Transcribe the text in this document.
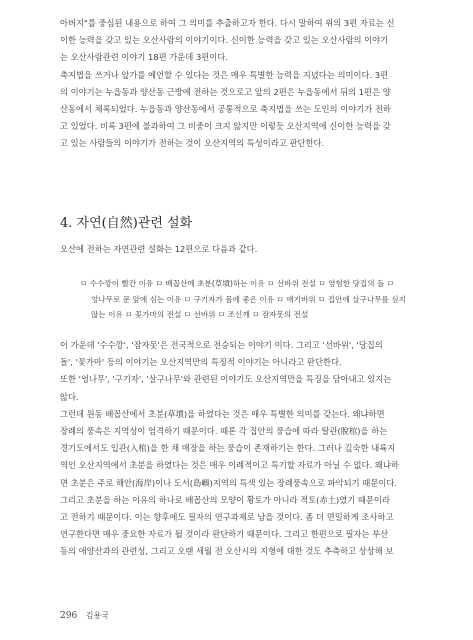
아버지"를 중심된 내용으로 하여 그 의미를 추출하고자 한다. 다시 말하여 위의 3편 자료는 신

이한 능력을 갖고 있는 오산사람의 이야기이다. 신이한 능력을 갖고 있는 오산사람의 이야기

는 오산사람관련 이야기 18편 가운데 3편이다.

축지법을 쓰거나 앞가를 예언할 수 있다는 것은 매우 특별한 능력을 지녔다는 의미이다. 3편

의 이야기는 누읍동과 양산동 근방에 전하는 것으로고 앞의 2편은 누읍동에서 뒤의 1편은 양

산동에서 채록되었다. 누읍동과 양산동에서 공통적으로 축지법을 쓰는 도인의 이야기가 전하

고 있었다. 비록 3편에 불과하여 그 비중이 크지 않지만 이렇듯 오산지역에 신이한 능력을 갖

고 있는 사람들의 이야기가 전하는 것이 오산지역의 특성이라고 판단한다.

4. 자연(自然)관련 설화

오산에 전하는 자연관련 설화는 12편으로 다음과 같다.

ㅁ 수수깡이 빨간 이유 ㅁ 배꼽산에 초분(草墳)하는 이유 ㅁ 선바위 전설 ㅁ 염험한 당집의 돌 ㅁ

엉나무로 문 앞에 심는 이유 ㅁ 구기자가 몸에 좋은 이유 ㅁ 애기바위 ㅁ 집안에 살구나무를 심지

않는 이유 ㅁ 꽃가마의 전설 ㅁ 선바위 ㅁ 조신깨 ㅁ 잠자못의 전설

이 가운데 '수수깡', '잠자못'은 전국적으로 전승되는 이야기 이다. 그리고 '선바위', '당집의

돌', '꽃가마' 등의 이야기는 오산지역만의 특징적 이야기는 아니라고 판단한다.

또한 '엉나무', '구기자', '살구나무'와 관련된 이야기도 오산지역만을 특징을 담아내고 있지는

않다.

그런데 원동 배꼽산에서 초분(草墳)을 하였다는 것은 매우 특별한 의미를 갖는다. 왜냐하면

장례의 풍속은 지역성이 엄격하기 때문이다. 때론 각 집안의 풍습에 따라 탈관(脫棺)을 하는

경기도에서도 입관(入棺)을 한 채 매장을 하는 풍습이 존재하기는 한다. 그러나 깊숙한 내륙지

역인 오산지역에서 초분을 하였다는 것은 매우 이례적이고 특기할 자료가 아닐 수 없다. 왜냐하

면 초분은 주로 해안(海岸)이나 도서(島嶼)지역의 특색 있는 장례풍속으로 파악되기 때문이다.

그리고 초분을 하는 이유의 하나로 배꼽산의 모양이 황토가 아니라 적토(赤土)였기 때문이라

고 전하기 때문이다. 이는 향후에도 필자의 연구과제로 남을 것이다. 좀 더 면밀하게 조사하고

연구한다면 매우 중요한 자료가 될 것이라 판단하기 때문이다. 그리고 한편으로 필자는 부산

동의 애양산과의 관련성, 그리고 오랜 세월 전 오산시의 지형에 대한 것도 추측하고 상상해 보

296 김용국
